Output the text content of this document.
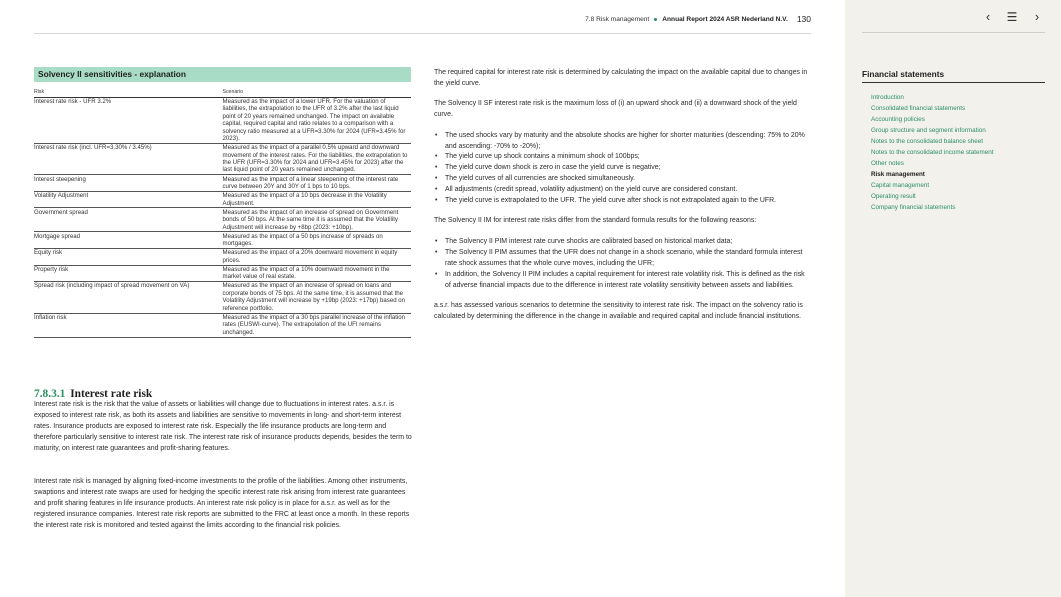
7.8 Risk management Annual Report 2024 ASR Nederland N.V. 130
Solvency II sensitivities - explanation
Risk	Scenario
Interest rate risk - UFR 3.2%	Measured as the impact of a lower UFR. For the valuation of liabilities, the extrapolation to the UFR of 3.2% after the last liquid point of 20 years remained unchanged. The impact on available capital, required capital and ratio relates to a comparison with a solvency ratio measured at a UFR=3.30% for 2024 (UFR=3.45% for 2023).
Interest rate risk (incl. UFR=3.30% / 3.45%)	Measured as the impact of a parallel 0.5% upward and downward movement of the interest rates. For the liabilities, the extrapolation to the UFR (UFR=3.30% for 2024 and UFR=3.45% for 2023) after the last liquid point of 20 years remained unchanged.
Interest steepening	Measured as the impact of a linear steepening of the interest rate curve between 20Y and 30Y of 1 bps to 10 bps.
Volatility Adjustment	Measured as the impact of a 10 bps decrease in the Volatility Adjustment.
Government spread	Measured as the impact of an increase of spread on Government bonds of 50 bps. At the same time it is assumed that the Volatility Adjustment will increase by +8bp (2023: +10bp).
Mortgage spread	Measured as the impact of a 50 bps increase of spreads on mortgages.
Equity risk	Measured as the impact of a 20% downward movement in equity prices.
Property risk	Measured as the impact of a 10% downward movement in the market value of real estate.
Spread risk (including impact of spread movement on VA)	Measured as the impact of an increase of spread on loans and corporate bonds of 75 bps. At the same time, it is assumed that the Volatility Adjustment will increase by +19bp (2023: +17bp) based on reference portfolio.
Inflation risk	Measured as the impact of a 30 bps parallel increase of the inflation rates (EUSWI-curve). The extrapolation of the UFI remains unchanged.
7.8.3.1 Interest rate risk

Interest rate risk is the risk that the value of assets or liabilities will change due to fluctuations in interest rates. a.s.r. is exposed to interest rate risk, as both its assets and liabilities are sensitive to movements in long- and short-term interest rates. Insurance products are exposed to interest rate risk. Especially the life insurance products are long-term and therefore particularly sensitive to interest rate risk. The interest rate risk of insurance products depends, besides the term to maturity, on interest rate guarantees and profit-sharing features.

Interest rate risk is managed by aligning fixed-income investments to the profile of the liabilities. Among other instruments, swaptions and interest rate swaps are used for hedging the specific interest rate risk arising from interest rate guarantees and profit sharing features in life insurance products. An interest rate risk policy is in place for a.s.r. as well as for the registered insurance companies. Interest rate risk reports are submitted to the FRC at least once a month. In these reports the interest rate risk is monitored and tested against the limits according to the financial risk policies.

The required capital for interest rate risk is determined by calculating the impact on the available capital due to changes in the yield curve.

The Solvency II SF interest rate risk is the maximum loss of (i) an upward shock and (ii) a downward shock of the yield curve.

• The used shocks vary by maturity and the absolute shocks are higher for shorter maturities (descending: 75% to 20% and ascending: -70% to -20%);
• The yield curve up shock contains a minimum shock of 100bps;
• The yield curve down shock is zero in case the yield curve is negative;
• The yield curves of all currencies are shocked simultaneously.
• All adjustments (credit spread, volatility adjustment) on the yield curve are considered constant.
• The yield curve is extrapolated to the UFR. The yield curve after shock is not extrapolated again to the UFR.

The Solvency II IM for interest rate risks differ from the standard formula results for the following reasons:

• The Solvency II PIM interest rate curve shocks are calibrated based on historical market data;
• The Solvency II PIM assumes that the UFR does not change in a shock scenario, while the standard formula interest rate shock assumes that the whole curve moves, including the UFR;
• In addition, the Solvency II PIM includes a capital requirement for interest rate volatility risk. This is defined as the risk of adverse financial impacts due to the difference in interest rate volatility sensitivity between assets and liabilities.

a.s.r. has assessed various scenarios to determine the sensitivity to interest rate risk. The impact on the solvency ratio is calculated by determining the difference in the change in available and required capital and include financial institutions.

‹	☰	›
Financial statements
Introduction
Consolidated financial statements
Accounting policies
Group structure and segment information
Notes to the consolidated balance sheet
Notes to the consolidated income statement
Other notes
Risk management
Capital management
Operating result
Company financial statements
